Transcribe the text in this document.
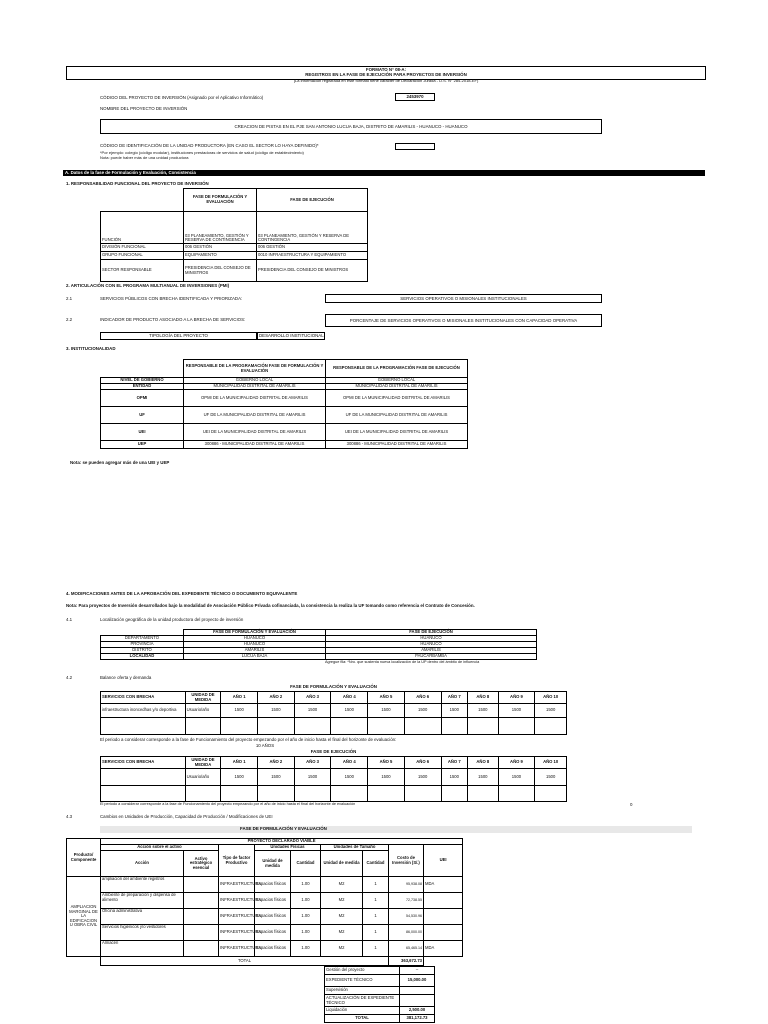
FORMATO N° 08-A:
REGISTROS EN LA FASE DE EJECUCIÓN PARA PROYECTOS DE INVERSIÓN
(La información registrada en este formato tiene carácter de Declaración Jurada - D.S. N° 284-2018-EF)
CÓDIGO DEL PROYECTO DE INVERSIÓN (Asignado por el Aplicativo Informático)	2453970
NOMBRE DEL PROYECTO DE INVERSIÓN
CREACION DE PISTAS EN EL PJE SAN ANTONIO LUCUA BAJA, DISTRITO DE AMARILIS - HUANUCO - HUANUCO
CÓDIGO DE IDENTIFICACIÓN DE LA UNIDAD PRODUCTORA (EN CASO EL SECTOR LO HAYA DEFINIDO)*
*Por ejemplo: colegio (código modular), instituciones prestadoras de servicios de salud (código de establecimiento)
Nota: puede haber más de una unidad productora
A. Datos de la fase de Formulación y Evaluación, Consistencia
1. RESPONSABILIDAD FUNCIONAL DEL PROYECTO DE INVERSIÓN
	FASE DE FORMULACIÓN Y EVALUACIÓN	FASE DE EJECUCIÓN
FUNCIÓN	03 PLANEAMIENTO, GESTIÓN Y RESERVA DE CONTINGENCIA	03 PLANEAMIENTO, GESTIÓN Y RESERVA DE CONTINGENCIA
DIVISIÓN FUNCIONAL	006 GESTIÓN	006 GESTIÓN
GRUPO FUNCIONAL	EQUIPAMIENTO	0010 INFRAESTRUCTURA Y EQUIPAMIENTO
SECTOR RESPONSABLE	PRESIDENCIA DEL CONSEJO DE MINISTROS	PRESIDENCIA DEL CONSEJO DE MINISTROS
2. ARTICULACIÓN CON EL PROGRAMA MULTIANUAL DE INVERSIONES (PMI)
2.1	SERVICIOS PÚBLICOS CON BRECHA IDENTIFICADA Y PRIORIZADA:	SERVICIOS OPERATIVOS O MISIONALES INSTITUCIONALES
2.2	INDICADOR DE PRODUCTO ASOCIADO A LA BRECHA DE SERVICIOS:	PORCENTAJE DE SERVICIOS OPERATIVOS O MISIONALES INSTITUCIONALES CON CAPACIDAD OPERATIVA
TIPOLOGÍA DEL PROYECTO	DESARROLLO INSTITUCIONAL
3. INSTITUCIONALIDAD
	RESPONSABLE DE LA PROGRAMACIÓN FASE DE FORMULACIÓN Y EVALUACIÓN	RESPONSABLE DE LA PROGRAMACIÓN FASE DE EJECUCIÓN
NIVEL DE GOBIERNO	GOBIERNO LOCAL	GOBIERNO LOCAL
ENTIDAD	MUNICIPALIDAD DISTRITAL DE AMARILIS	MUNICIPALIDAD DISTRITAL DE AMARILIS
OPMI	OPMI DE LA MUNICIPALIDAD DISTRITAL DE AMARILIS	OPMI DE LA MUNICIPALIDAD DISTRITAL DE AMARILIS
UF	UF DE LA MUNICIPALIDAD DISTRITAL DE AMARILIS	UF DE LA MUNICIPALIDAD DISTRITAL DE AMARILIS
UEI	UEI DE LA MUNICIPALIDAD DISTRITAL DE AMARILIS	UEI DE LA MUNICIPALIDAD DISTRITAL DE AMARILIS
UEP	300886 - MUNICIPALIDAD DISTRITAL DE AMARILIS	300886 - MUNICIPALIDAD DISTRITAL DE AMARILIS
Nota: se pueden agregar más de una UEI y UEP
4. MODIFICACIONES ANTES DE LA APROBACIÓN DEL EXPEDIENTE TÉCNICO O DOCUMENTO EQUIVALENTE
Nota: Para proyectos de Inversión desarrollados bajo la modalidad de Asociación Público Privada cofinanciada, la consistencia la realiza la UF tomando como referencia el Contrato de Concesión.
4.1	Localización geográfica de la unidad productora del proyecto de inversión
	FASE DE FORMULACIÓN Y EVALUACIÓN	FASE DE EJECUCIÓN
DEPARTAMENTO	HUANUCO	HUANUCO
PROVINCIA	HUANUCO	HUANUCO
DISTRITO	AMARILIS	AMARILIS
LOCALIDAD	LUCUA BAJA	PAUCARBAMBA
Agregue fila: *Nro. que sustenta nueva localización de la UP dentro del ámbito de influencia
4.2	Balance oferta y demanda
FASE DE FORMULACIÓN Y EVALUACIÓN
SERVICIOS CON BRECHA	UNIDAD DE MEDIDA	AÑO 1	AÑO 2	AÑO 3	AÑO 4	AÑO 5	AÑO 6	AÑO 7	AÑO 8	AÑO 9	AÑO 10
infraestructura inoncedhas y/o deportiva	Usuario/año	1500	1500	1500	1500	1500	1500	1500	1500	1500	1500

El periodo a considerar corresponde a la fase de Funcionamiento del proyecto empezando por el año de inicio hasta el final del horizonte de evaluación:
10 AÑOS
FASE DE EJECUCIÓN
SERVICIOS CON BRECHA	UNIDAD DE MEDIDA	AÑO 1	AÑO 2	AÑO 3	AÑO 4	AÑO 5	AÑO 6	AÑO 7	AÑO 8	AÑO 9	AÑO 10
	Usuario/año	1500	1500	1500	1500	1500	1500	1500	1500	1500	1500

El periodo a considerar corresponde a la fase de Funcionamiento del proyecto empezando por el año de inicio hasta el final del horizonte de evaluación	0
4.3	Cambios en Unidades de Producción, Capacidad de Producción / Modificaciones de UEI
FASE DE FORMULACIÓN Y EVALUACIÓN
Producto/ Componente	PROYECTO DECLARADO VIABLE								
	Acción sobre el activo		Tipo de factor Productivo	Unidades Físicas		Unidades de Tamaño		Costo de Inversión (S/.)	UEI
	Acción	Activo estratégico esencial		Unidad de medida	Cantidad	Unidad de medida	Cantidad		
AMPLIACION MARGINAL DE LA EDIFICACION U OBRA CIVIL	ampliación del ambiente registros		INFRAESTRUCTURA	Espacios físicos	1.00	M2	1	95,938.08	MDA
	Ambiente de preparación y dispensa de alimento		INFRAESTRUCTURA	Espacios físicos	1.00	M2	1	72,738.55	
	Oficina administrativa		INFRAESTRUCTURA	Espacios físicos	1.00	M2	1	54,530.96	
	Servicios higiénicos y/o vestidores		INFRAESTRUCTURA	Espacios físicos	1.00	M2	1	86,000.00	
	Almacén		INFRAESTRUCTURA	Espacios físicos	1.00	M2	1	65,465.14	MDA
	TOTAL							363,672.73	
Gestión del proyecto	–
EXPEDIENTE TÉCNICO	15,000.00
Supervisión	
ACTUALIZACIÓN DE EXPEDIENTE TÉCNICO	
Liquidación	2,500.00
TOTAL	381,172.73
